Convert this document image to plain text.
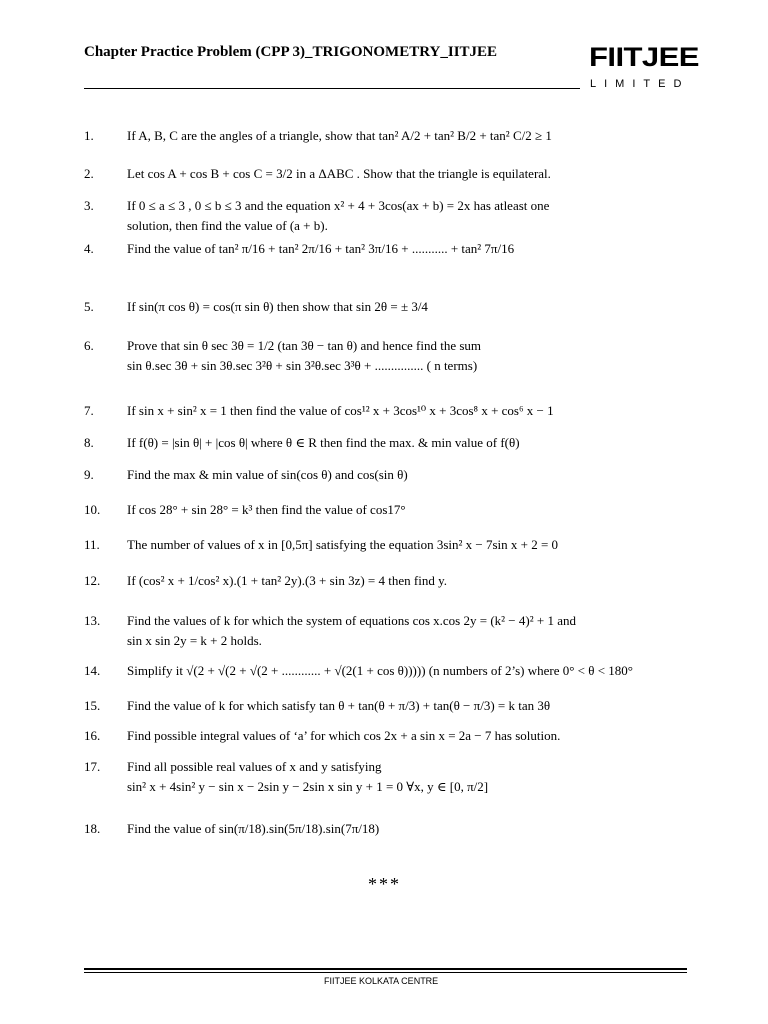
Chapter Practice Problem (CPP 3)_TRIGONOMETRY_IITJEE	FIITJEE
LIMITED
1.	If A, B, C are the angles of a triangle, show that tan² A/2 + tan² B/2 + tan² C/2 ≥ 1
2.	Let cos A + cos B + cos C = 3/2 in a ΔABC . Show that the triangle is equilateral.
3.	If 0 ≤ a ≤ 3 , 0 ≤ b ≤ 3 and the equation x² + 4 + 3cos(ax + b) = 2x has atleast one
solution, then find the value of (a + b).
4.	Find the value of tan² π/16 + tan² 2π/16 + tan² 3π/16 + ........... + tan² 7π/16
5.	If sin(π cos θ) = cos(π sin θ) then show that sin 2θ = ± 3/4
6.	Prove that sin θ sec 3θ = 1/2 (tan 3θ − tan θ) and hence find the sum
sin θ.sec 3θ + sin 3θ.sec 3²θ + sin 3²θ.sec 3³θ + ............... ( n terms)
7.	If sin x + sin² x = 1 then find the value of cos¹² x + 3cos¹⁰ x + 3cos⁸ x + cos⁶ x − 1
8.	If f(θ) = |sin θ| + |cos θ| where θ ∈ R then find the max. & min value of f(θ)
9.	Find the max & min value of sin(cos θ) and cos(sin θ)
10.	If cos 28° + sin 28° = k³ then find the value of cos17°
11.	The number of values of x in [0,5π] satisfying the equation 3sin² x − 7sin x + 2 = 0
12.	If (cos² x + 1/cos² x).(1 + tan² 2y).(3 + sin 3z) = 4 then find y.
13.	Find the values of k for which the system of equations cos x.cos 2y = (k² − 4)² + 1 and
sin x sin 2y = k + 2 holds.
14.	Simplify it √(2 + √(2 + √(2 + ............ + √(2(1 + cos θ))))) (n numbers of 2’s) where 0° < θ < 180°
15.	Find the value of k for which satisfy tan θ + tan(θ + π/3) + tan(θ − π/3) = k tan 3θ
16.	Find possible integral values of ‘a’ for which cos 2x + a sin x = 2a − 7 has solution.
17.	Find all possible real values of x and y satisfying
sin² x + 4sin² y − sin x − 2sin y − 2sin x sin y + 1 = 0 ∀x, y ∈ [0, π/2]
18.	Find the value of sin(π/18).sin(5π/18).sin(7π/18)
***
FIITJEE KOLKATA CENTRE
